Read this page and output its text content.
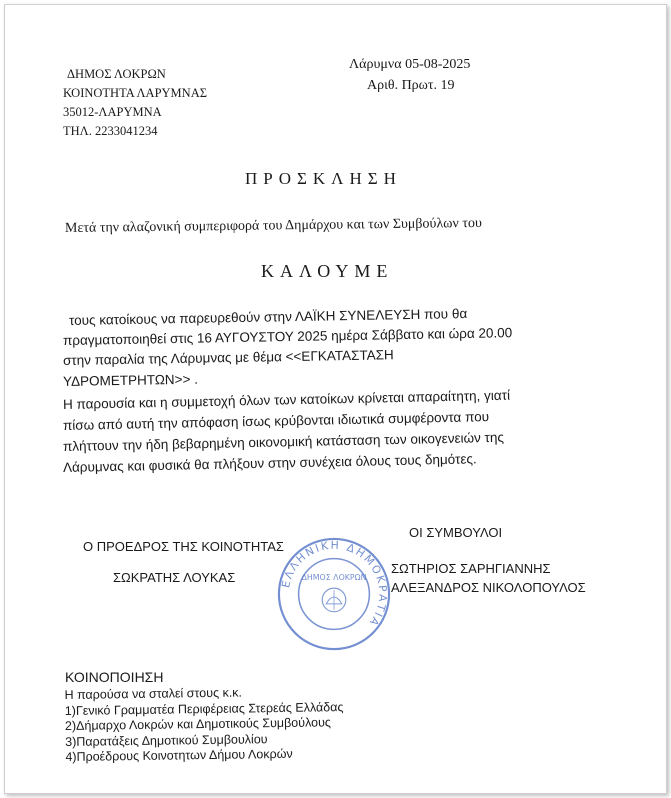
ΔΗΜΟΣ ΛΟΚΡΩΝ
ΚΟΙΝΟΤΗΤΑ ΛΑΡΥΜΝΑΣ
35012-ΛΑΡΥΜΝΑ
ΤΗΛ. 2233041234
Λάρυμνα 05-08-2025
Αριθ. Πρωτ. 19
ΠΡΟΣΚΛΗΣΗ
Μετά την αλαζονική συμπεριφορά του Δημάρχου και των Συμβούλων του
ΚΑΛΟΥΜΕ
τους κατοίκους να παρευρεθούν στην ΛΑΪΚΗ ΣΥΝΕΛΕΥΣΗ που θα
πραγματοποιηθεί στις 16 ΑΥΓΟΥΣΤΟΥ 2025 ημέρα Σάββατο και ώρα 20.00
στην παραλία της Λάρυμνας με θέμα <<ΕΓΚΑΤΑΣΤΑΣΗ
ΥΔΡΟΜΕΤΡΗΤΩΝ>> .
Η παρουσία και η συμμετοχή όλων των κατοίκων κρίνεται απαραίτητη, γιατί
πίσω από αυτή την απόφαση ίσως κρύβονται ιδιωτικά συμφέροντα που
πλήττουν την ήδη βεβαρημένη οικονομική κατάσταση των οικογενειών της
Λάρυμνας και φυσικά θα πλήξουν στην συνέχεια όλους τους δημότες.
Ο ΠΡΟΕΔΡΟΣ ΤΗΣ ΚΟΙΝΟΤΗΤΑΣ
ΣΩΚΡΑΤΗΣ ΛΟΥΚΑΣ
ΟΙ ΣΥΜΒΟΥΛΟΙ
ΣΩΤΗΡΙΟΣ ΣΑΡΗΓΙΑΝΝΗΣ
ΑΛΕΞΑΝΔΡΟΣ ΝΙΚΟΛΟΠΟΥΛΟΣ
ΕΛΛΗΝΙΚΗ ΔΗΜΟΚΡΑΤΙΑ
ΔΗΜΟΣ ΛΟΚΡΩΝ
ΚΟΙΝΟΠΟΙΗΣΗ
Η παρούσα να σταλεί στους κ.κ.
1)Γενικό Γραμματέα Περιφέρειας Στερεάς Ελλάδας
2)Δήμαρχο Λοκρών και Δημοτικούς Συμβούλους
3)Παρατάξεις Δημοτικού Συμβουλίου
4)Προέδρους Κοινοτητων Δήμου Λοκρών
